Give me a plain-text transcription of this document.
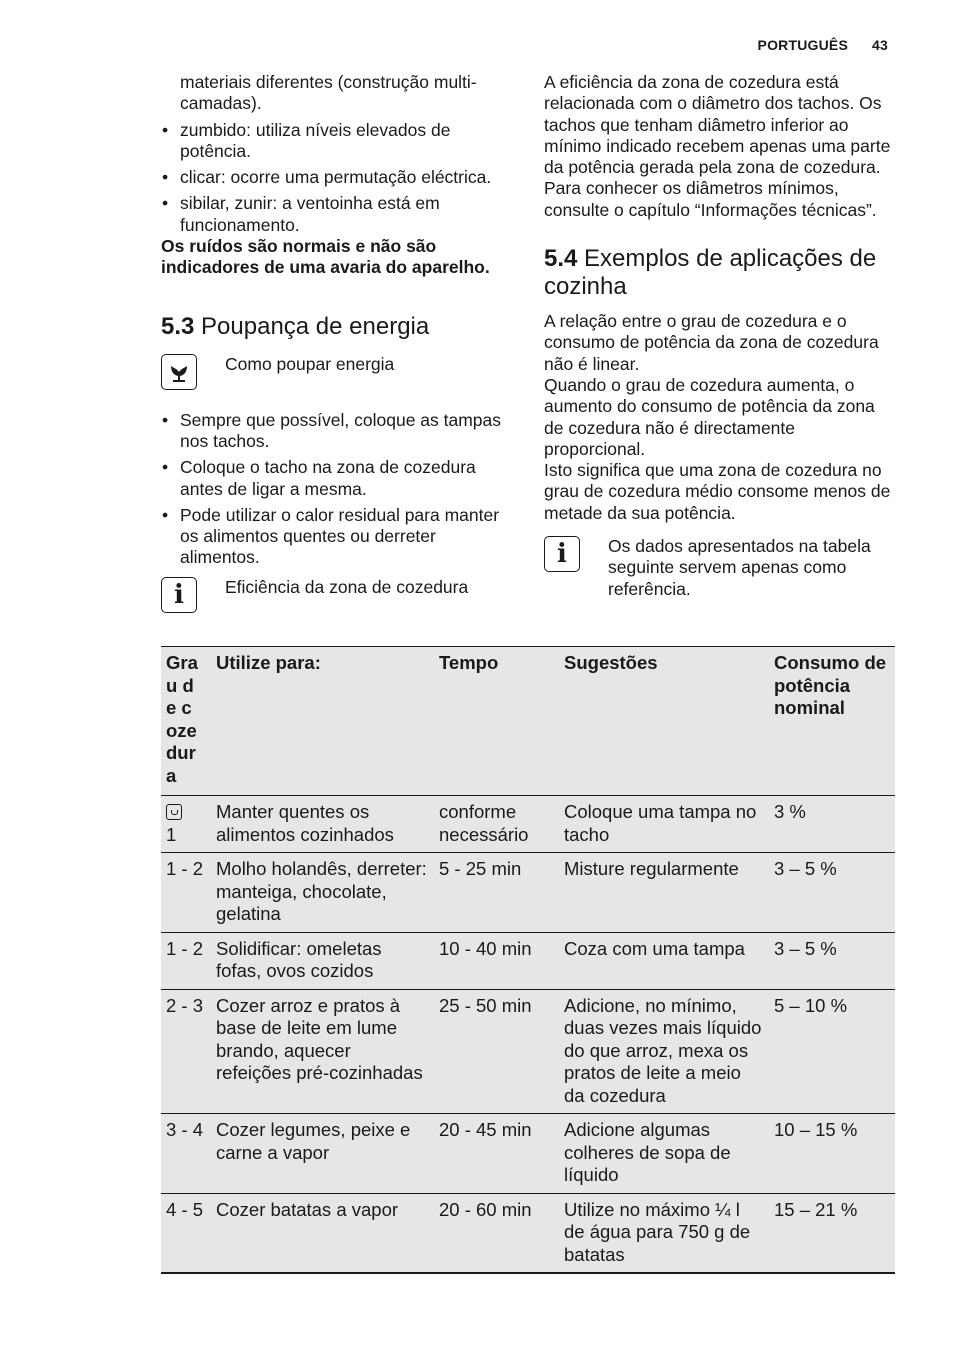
PORTUGUÊS 43

materiais diferentes (construção multi-camadas).

• zumbido: utiliza níveis elevados de potência.
• clicar: ocorre uma permutação eléctrica.
• sibilar, zunir: a ventoinha está em funcionamento.

Os ruídos são normais e não são indicadores de uma avaria do aparelho.

5.3 Poupança de energia
Como poupar energia
• Sempre que possível, coloque as tampas nos tachos.
• Coloque o tacho na zona de cozedura antes de ligar a mesma.
• Pode utilizar o calor residual para manter os alimentos quentes ou derreter alimentos.
i Eficiência da zona de cozedura

A eficiência da zona de cozedura está relacionada com o diâmetro dos tachos. Os tachos que tenham diâmetro inferior ao mínimo indicado recebem apenas uma parte da potência gerada pela zona de cozedura. Para conhecer os diâmetros mínimos, consulte o capítulo “Informações técnicas”.

5.4 Exemplos de aplicações de cozinha

A relação entre o grau de cozedura e o consumo de potência da zona de cozedura não é linear.

Quando o grau de cozedura aumenta, o aumento do consumo de potência da zona de cozedura não é directamente proporcional.

Isto significa que uma zona de cozedura no grau de cozedura médio consome menos de metade da sua potência.

i Os dados apresentados na tabela seguinte servem apenas como referência.
Grau de cozedura	Utilize para:	Tempo	Sugestões	Consumo de potência nominal

1	Manter quentes os alimentos cozinhados	conforme necessário	Coloque uma tampa no tacho	3 %
1 - 2	Molho holandês, derreter: manteiga, chocolate, gelatina	5 - 25 min	Misture regularmente	3 – 5 %
1 - 2	Solidificar: omeletas fofas, ovos cozidos	10 - 40 min	Coza com uma tampa	3 – 5 %
2 - 3	Cozer arroz e pratos à base de leite em lume brando, aquecer refeições pré-cozinhadas	25 - 50 min	Adicione, no mínimo, duas vezes mais líquido do que arroz, mexa os pratos de leite a meio da cozedura	5 – 10 %
3 - 4	Cozer legumes, peixe e carne a vapor	20 - 45 min	Adicione algumas colheres de sopa de líquido	10 – 15 %
4 - 5	Cozer batatas a vapor	20 - 60 min	Utilize no máximo ¼ l de água para 750 g de batatas	15 – 21 %
